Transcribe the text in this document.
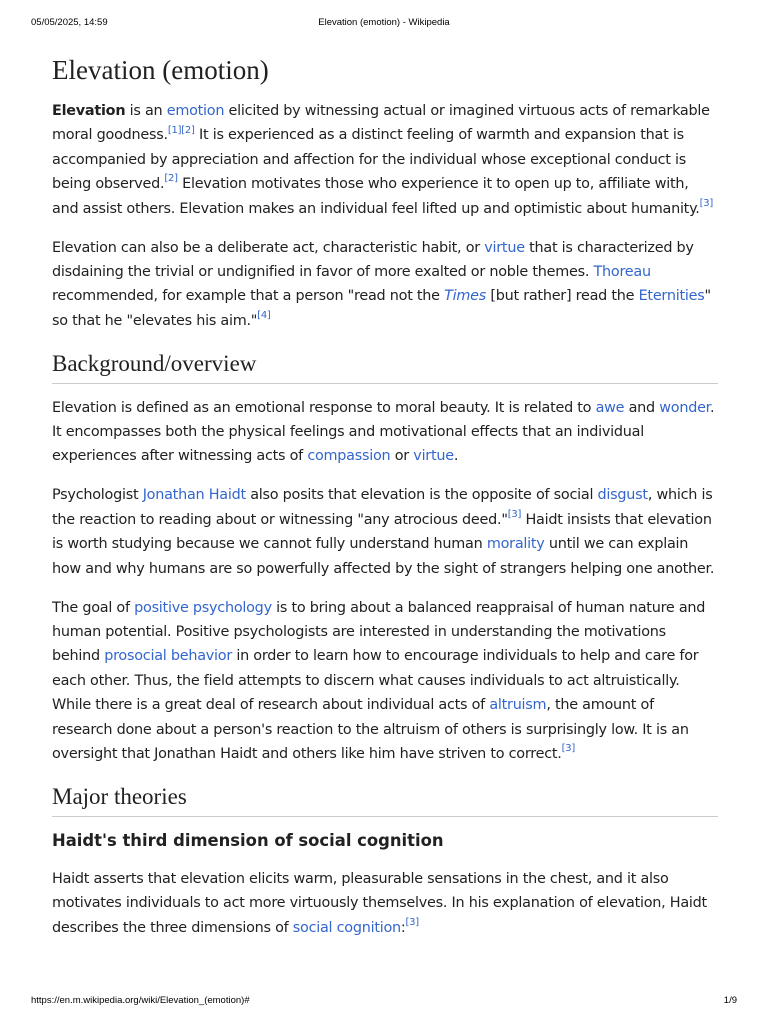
05/05/2025, 14:59	Elevation (emotion) - Wikipedia
Elevation (emotion)

Elevation is an emotion elicited by witnessing actual or imagined virtuous acts of remarkable moral goodness.[1][2] It is experienced as a distinct feeling of warmth and expansion that is accompanied by appreciation and affection for the individual whose exceptional conduct is being observed.[2] Elevation motivates those who experience it to open up to, affiliate with, and assist others. Elevation makes an individual feel lifted up and optimistic about humanity.[3]

Elevation can also be a deliberate act, characteristic habit, or virtue that is characterized by disdaining the trivial or undignified in favor of more exalted or noble themes. Thoreau recommended, for example that a person "read not the Times [but rather] read the Eternities" so that he "elevates his aim."[4]

Background/overview

Elevation is defined as an emotional response to moral beauty. It is related to awe and wonder. It encompasses both the physical feelings and motivational effects that an individual experiences after witnessing acts of compassion or virtue.

Psychologist Jonathan Haidt also posits that elevation is the opposite of social disgust, which is the reaction to reading about or witnessing "any atrocious deed."[3] Haidt insists that elevation is worth studying because we cannot fully understand human morality until we can explain how and why humans are so powerfully affected by the sight of strangers helping one another.

The goal of positive psychology is to bring about a balanced reappraisal of human nature and human potential. Positive psychologists are interested in understanding the motivations behind prosocial behavior in order to learn how to encourage individuals to help and care for each other. Thus, the field attempts to discern what causes individuals to act altruistically. While there is a great deal of research about individual acts of altruism, the amount of research done about a person's reaction to the altruism of others is surprisingly low. It is an oversight that Jonathan Haidt and others like him have striven to correct.[3]

Major theories
Haidt's third dimension of social cognition

Haidt asserts that elevation elicits warm, pleasurable sensations in the chest, and it also motivates individuals to act more virtuously themselves. In his explanation of elevation, Haidt describes the three dimensions of social cognition:[3]

https://en.m.wikipedia.org/wiki/Elevation_(emotion)#	1/9
